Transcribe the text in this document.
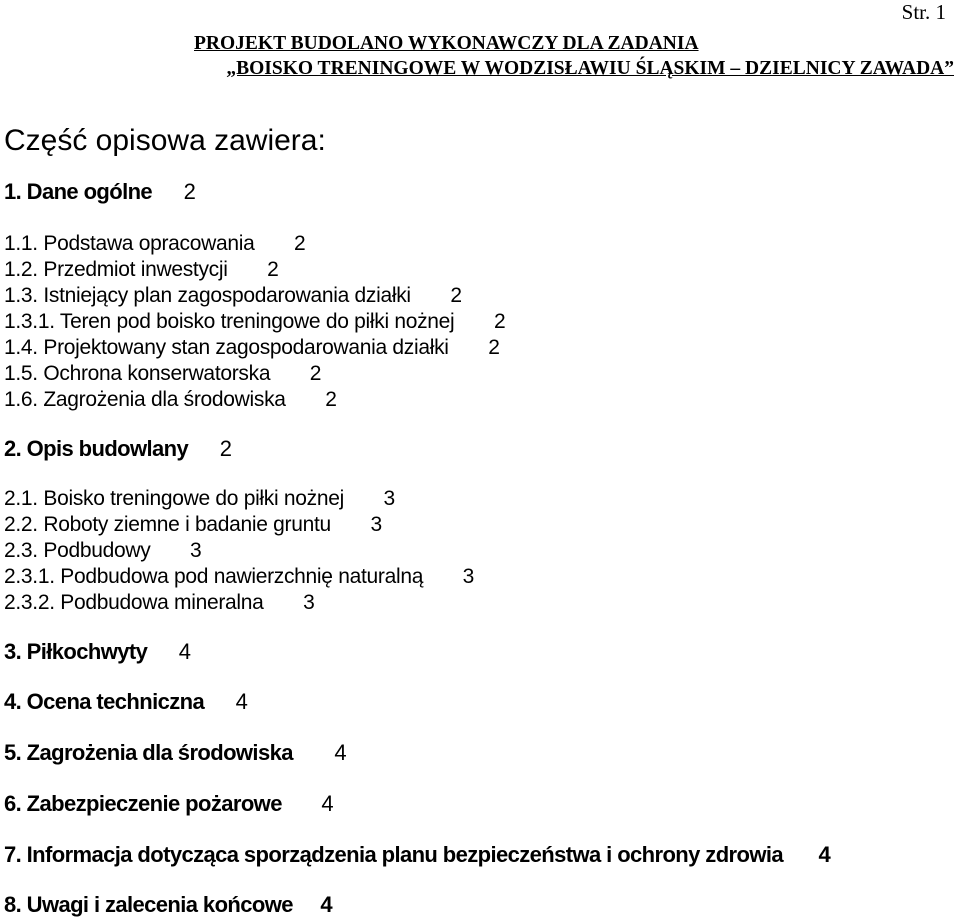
Str. 1
PROJEKT BUDOLANO WYKONAWCZY DLA ZADANIA
„BOISKO TRENINGOWE W WODZISŁAWIU ŚLĄSKIM – DZIELNICY ZAWADA”
Część opisowa zawiera:
1. Dane ogólne 2
1.1. Podstawa opracowania 2
1.2. Przedmiot inwestycji 2
1.3. Istniejący plan zagospodarowania działki 2
1.3.1. Teren pod boisko treningowe do piłki nożnej 2
1.4. Projektowany stan zagospodarowania działki 2
1.5. Ochrona konserwatorska 2
1.6. Zagrożenia dla środowiska 2
2. Opis budowlany 2
2.1. Boisko treningowe do piłki nożnej 3
2.2. Roboty ziemne i badanie gruntu 3
2.3. Podbudowy 3
2.3.1. Podbudowa pod nawierzchnię naturalną 3
2.3.2. Podbudowa mineralna 3
3. Piłkochwyty 4
4. Ocena techniczna 4
5. Zagrożenia dla środowiska 4
6. Zabezpieczenie pożarowe 4
7. Informacja dotycząca sporządzenia planu bezpieczeństwa i ochrony zdrowia 4
8. Uwagi i zalecenia końcowe 4
